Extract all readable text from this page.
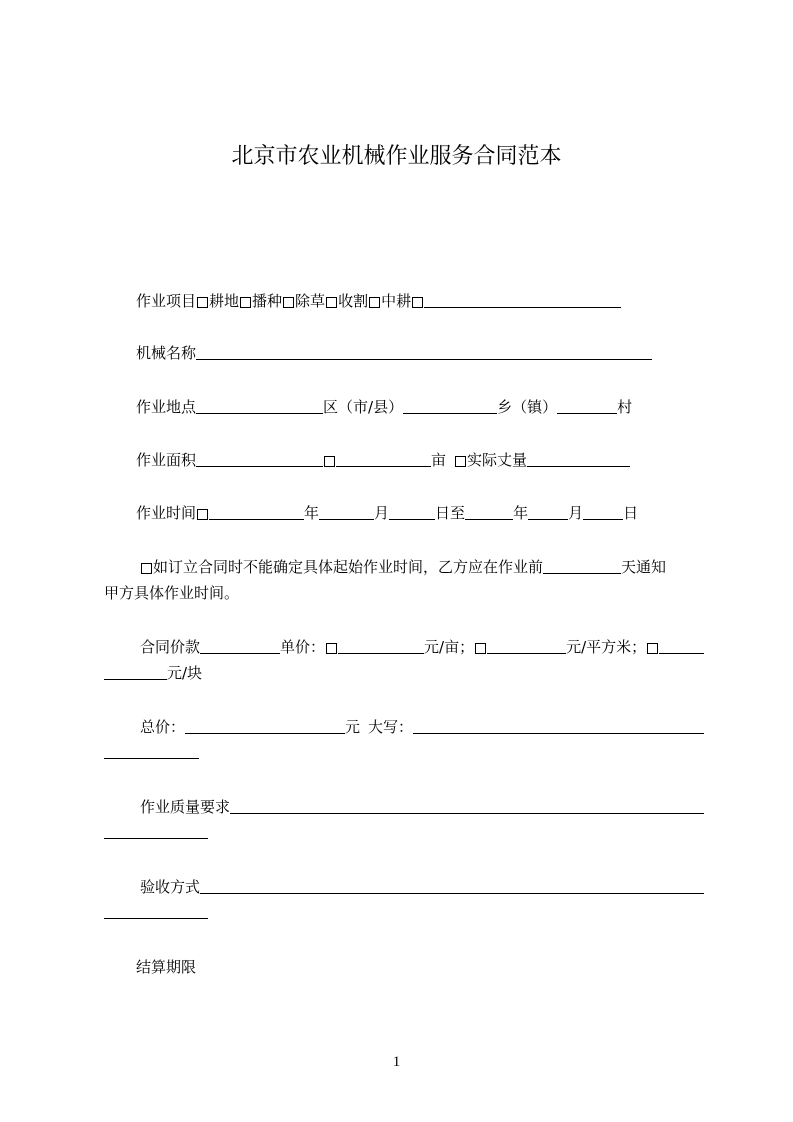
北京市农业机械作业服务合同范本
作业项目 耕地 播种 除草 收割 中耕
机械名称
作业地点	区（市/县）	乡（镇）	村
作业面积	亩 实际丈量
作业时间	年	月	日至	年	月	日
如订立合同时不能确定具体起始作业时间，乙方应在作业前	天通知
甲方具体作业时间。
合同价款	单价：	元/亩；	元/平方米；
元/块
总价：	元 大写：
作业质量要求
验收方式
结算期限
1
